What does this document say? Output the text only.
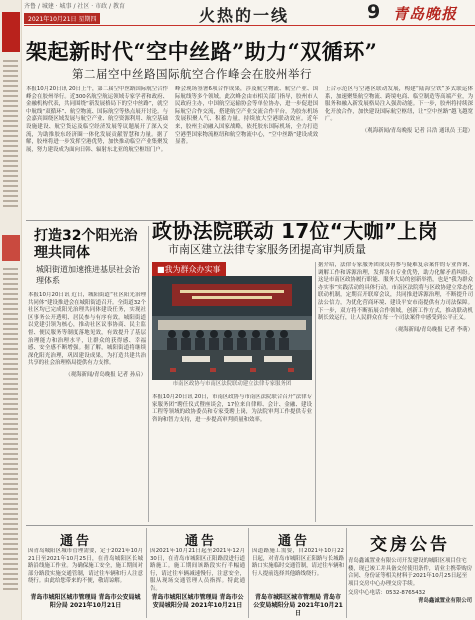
齐鲁 / 城建 · 城事 / 社区 · 市政 / 教育
2021年10月21日 星期四	火热的一线	9 青岛晚报
架起新时代“空中丝路”助力“双循环”
第二届空中丝路国际航空合作峰会在胶州举行
本报10月20日讯 20日上午，第二届空中丝路国际航空合作峰会在胶州举行。近300名航空航运领域专家学者和政府、金融机构代表，共同围绕“新发展格局下的空中丝路”，就空中航线“双循环”、航空物流、国际航空等热点展开讨论。与会嘉宾围绕区域发展与航空产业、航空资源利用、航空基础设施建设、航空货运及临空经济发展等议题展开了深入交流，为助推胶东经济圈一体化发展贡献智慧和力量。据了解，胶州将进一步发挥空港优势，加快推动临空产业集聚发展，努力建设成为面向日韩、辐射东北亚的航空枢纽门户。
峰会现场签署6项合作成果，涉及航空物流、航空产业、国际航线等多个领域。此次峰会由市相关部门指导，胶州市人民政府主办，中国航空运输协会等单位协办，进一步促进国际航空合作交流，搭建航空产业交流合作平台，为胶东机场发展积聚人气、积蓄力量，持续放大空港联动效应。近年来，胶州主动融入国家战略，依托胶东国际机场，全力打造空港型国家物流枢纽和航空物流中心，“空中丝路”建设成效显著。
上合示范区与空港区联动发展，构建“陆海空铁”多式联运体系，加速聚集航空物流、跨境电商、临空制造等高端产业，为服务和融入新发展格局注入强劲动能。下一步，胶州将持续深化开放合作，加快建设国际航空枢纽，让“空中丝路”越飞越宽广。
（观海新闻/青岛晚报 记者 吕浩 通讯员 王超）
打造32个阳光治理共同体
城阳街道加速推进基层社会治理体系
本报10月20日讯 近日，城阳街道“社区阳光治理共同体”建设推进会在城阳街道召开。全街道32个社区均已完成阳光治理共同体建设任务，实现社区事务公开透明、居民参与有序有效。城阳街道以党建引领为核心，推动社区议事协商、民主监督、便民服务等制度落地见效，有效提升了基层治理能力和治理水平，让群众的获得感、幸福感、安全感不断增强。据了解，城阳街道将继续深化阳光治理，巩固建设成果，为打造共建共治共享的社会治理格局提供有力支撑。
（观海新闻/青岛晚报 记者 孙启）
政协法院联动 17位“大咖”上岗
市南区建立法律专家服务团提高审判质量
■我为群众办实事
市南区政协与市南区法院联动建立法律专家服务团
本报10月20日讯 20日，市南区政协与市南区法院联合召开“法律专家服务团”聘任仪式暨座谈会，17位来自律师、会计、金融、建设工程等领域的政协委员和专家受聘上岗，为法院审判工作提供专业咨询和智力支持，进一步提高审判质量和效率。
据介绍，法律专家服务团成员将参与疑难复杂案件的专业咨询、调解工作和诉源治理，发挥各自专业优势，助力化解矛盾纠纷。这是市南区政协履行职能、服务大局的创新举措，也是“我为群众办实事”实践活动的具体行动。市南区法院将与区政协建立常态化联动机制，定期召开联席会议，共同推进诉源治理，不断提升司法公信力，为优化营商环境、建设平安市南提供有力司法保障。下一步，双方将不断拓展合作领域，创新工作方式，推动联动机制长效运行，让人民群众在每一个司法案件中感受到公平正义。
（观海新闻/青岛晚报 记者 李萌）
通告
因青岛城阳区城市管理需要，定于2021年10月21日至2021年10月25日，在青岛城阳区长城路沿线施工作业。为确保施工安全，施工期间对部分路段实施交通管制，请过往车辆和行人注意绕行。由此给您带来的不便，敬请谅解。
青岛市城阳区城市管理局 青岛市公安局城阳分局 2021年10月21日
通告
因2021年10月21日起至2021年12月30日，在青岛市城阳区正阳路段进行道路施工。施工期间该路段实行半幅通行，请过往车辆减速慢行，注意安全，服从现场交通管理人员指挥。特此通告。
青岛市城阳区城市管理局 青岛市公安局城阳分局 2021年10月21日
通告
因道路施工需要，自2021年10月22日起，对青岛市城阳区正阳路与长城路路口实施临时交通管制，请过往车辆和行人提前选择其他路线绕行。
青岛市城阳区城市管理局 青岛市公安局城阳分局 2021年10月21日
交房公告
青岛鑫诚置业有限公司开发建设的城阳区项目住宅楼，现已竣工并具备交付使用条件，请业主携带购房合同、身份证等相关材料于2021年10月25日起至项目交房中心办理交房手续。
交房中心电话：0532-8765432
青岛鑫诚置业有限公司
